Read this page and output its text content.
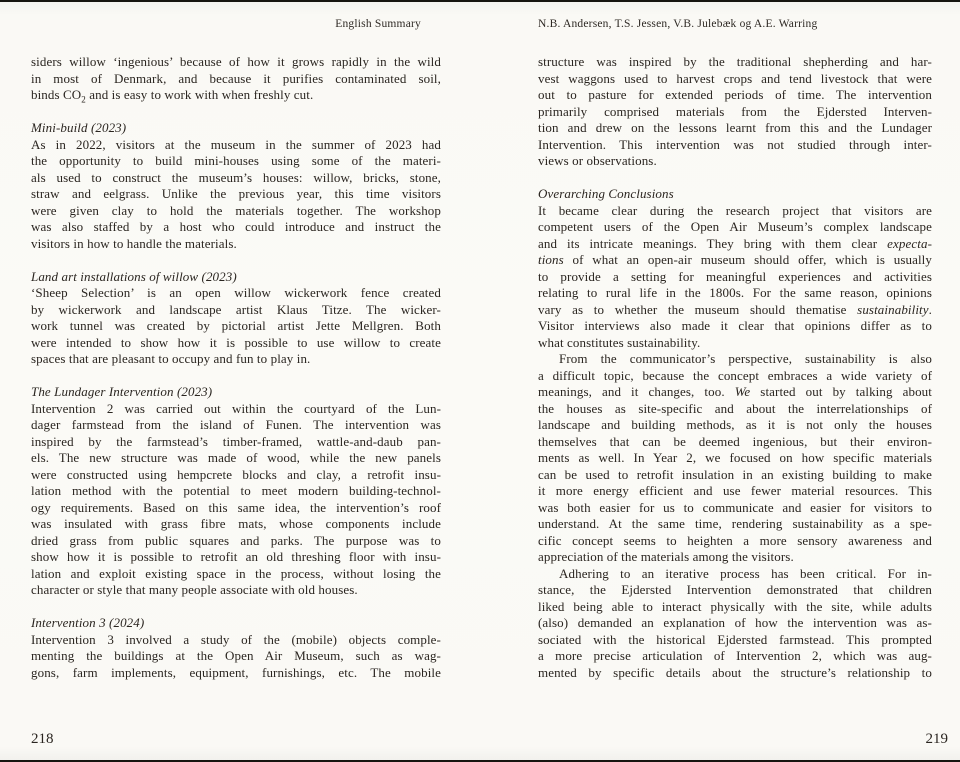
English Summary
siders willow ‘ingenious’ because of how it grows rapidly in the wild
in most of Denmark, and because it purifies contaminated soil,
binds $CO_2$ and is easy to work with when freshly cut.
Mini-build (2023)
As in 2022, visitors at the museum in the summer of 2023 had
the opportunity to build mini-houses using some of the materi-
als used to construct the museum’s houses: willow, bricks, stone,
straw and eelgrass. Unlike the previous year, this time visitors
were given clay to hold the materials together. The workshop
was also staffed by a host who could introduce and instruct the
visitors in how to handle the materials.
Land art installations of willow (2023)
‘Sheep Selection’ is an open willow wickerwork fence created
by wickerwork and landscape artist Klaus Titze. The wicker-
work tunnel was created by pictorial artist Jette Mellgren. Both
were intended to show how it is possible to use willow to create
spaces that are pleasant to occupy and fun to play in.
The Lundager Intervention (2023)
Intervention 2 was carried out within the courtyard of the Lun-
dager farmstead from the island of Funen. The intervention was
inspired by the farmstead’s timber-framed, wattle-and-daub pan-
els. The new structure was made of wood, while the new panels
were constructed using hempcrete blocks and clay, a retrofit insu-
lation method with the potential to meet modern building-technol-
ogy requirements. Based on this same idea, the intervention’s roof
was insulated with grass fibre mats, whose components include
dried grass from public squares and parks. The purpose was to
show how it is possible to retrofit an old threshing floor with insu-
lation and exploit existing space in the process, without losing the
character or style that many people associate with old houses.
Intervention 3 (2024)
Intervention 3 involved a study of the (mobile) objects comple-
menting the buildings at the Open Air Museum, such as wag-
gons, farm implements, equipment, furnishings, etc. The mobile
218
N.B. Andersen, T.S. Jessen, V.B. Julebæk og A.E. Warring
structure was inspired by the traditional shepherding and har-
vest waggons used to harvest crops and tend livestock that were
out to pasture for extended periods of time. The intervention
primarily comprised materials from the Ejdersted Interven-
tion and drew on the lessons learnt from this and the Lundager
Intervention. This intervention was not studied through inter-
views or observations.
Overarching Conclusions
It became clear during the research project that visitors are
competent users of the Open Air Museum’s complex landscape
and its intricate meanings. They bring with them clear expecta-
tions of what an open-air museum should offer, which is usually
to provide a setting for meaningful experiences and activities
relating to rural life in the 1800s. For the same reason, opinions
vary as to whether the museum should thematise sustainability.
Visitor interviews also made it clear that opinions differ as to
what constitutes sustainability.
From the communicator’s perspective, sustainability is also
a difficult topic, because the concept embraces a wide variety of
meanings, and it changes, too. We started out by talking about
the houses as site-specific and about the interrelationships of
landscape and building methods, as it is not only the houses
themselves that can be deemed ingenious, but their environ-
ments as well. In Year 2, we focused on how specific materials
can be used to retrofit insulation in an existing building to make
it more energy efficient and use fewer material resources. This
was both easier for us to communicate and easier for visitors to
understand. At the same time, rendering sustainability as a spe-
cific concept seems to heighten a more sensory awareness and
appreciation of the materials among the visitors.
Adhering to an iterative process has been critical. For in-
stance, the Ejdersted Intervention demonstrated that children
liked being able to interact physically with the site, while adults
(also) demanded an explanation of how the intervention was as-
sociated with the historical Ejdersted farmstead. This prompted
a more precise articulation of Intervention 2, which was aug-
mented by specific details about the structure’s relationship to
219
